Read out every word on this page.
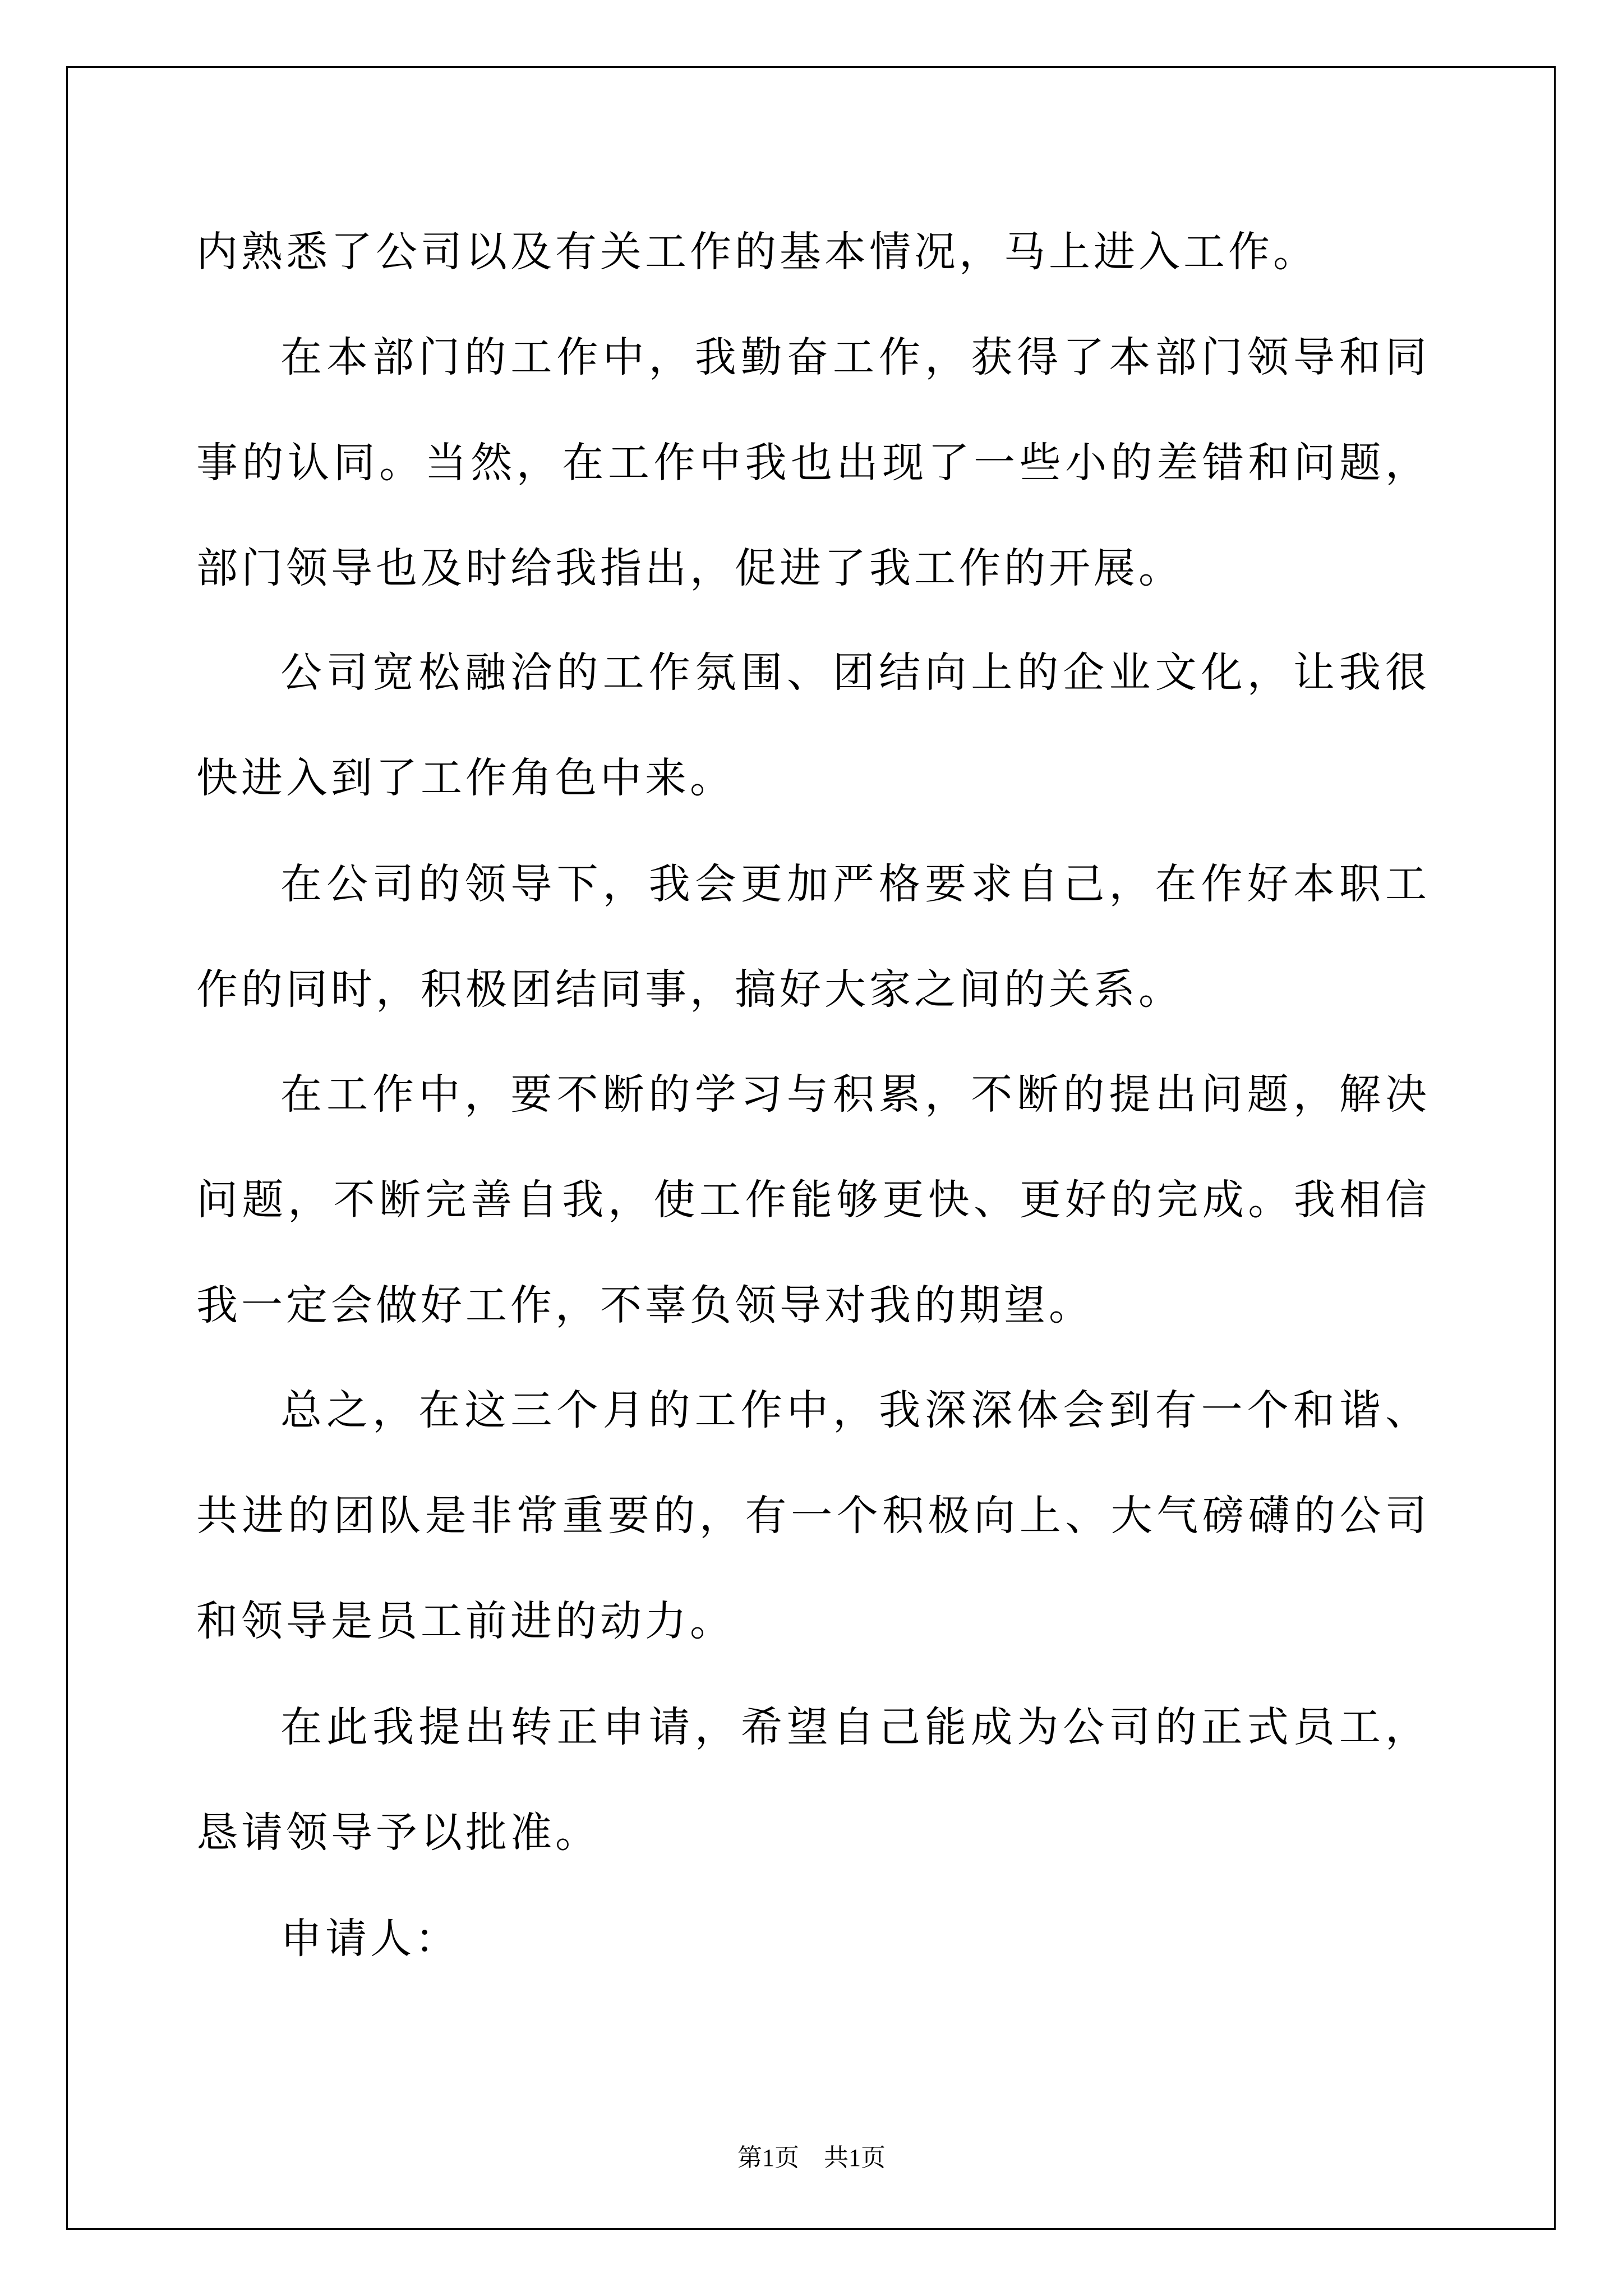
内熟悉了公司以及有关工作的基本情况，马上进入工作。

在本部门的工作中，我勤奋工作，获得了本部门领导和同事的认同。当然，在工作中我也出现了一些小的差错和问题，部门领导也及时给我指出，促进了我工作的开展。

公司宽松融洽的工作氛围、团结向上的企业文化，让我很快进入到了工作角色中来。

在公司的领导下，我会更加严格要求自己，在作好本职工作的同时，积极团结同事，搞好大家之间的关系。

在工作中，要不断的学习与积累，不断的提出问题，解决问题，不断完善自我，使工作能够更快、更好的完成。我相信我一定会做好工作，不辜负领导对我的期望。

总之，在这三个月的工作中，我深深体会到有一个和谐、共进的团队是非常重要的，有一个积极向上、大气磅礴的公司和领导是员工前进的动力。

在此我提出转正申请，希望自己能成为公司的正式员工，恳请领导予以批准。

申请人：

第1页　共1页
